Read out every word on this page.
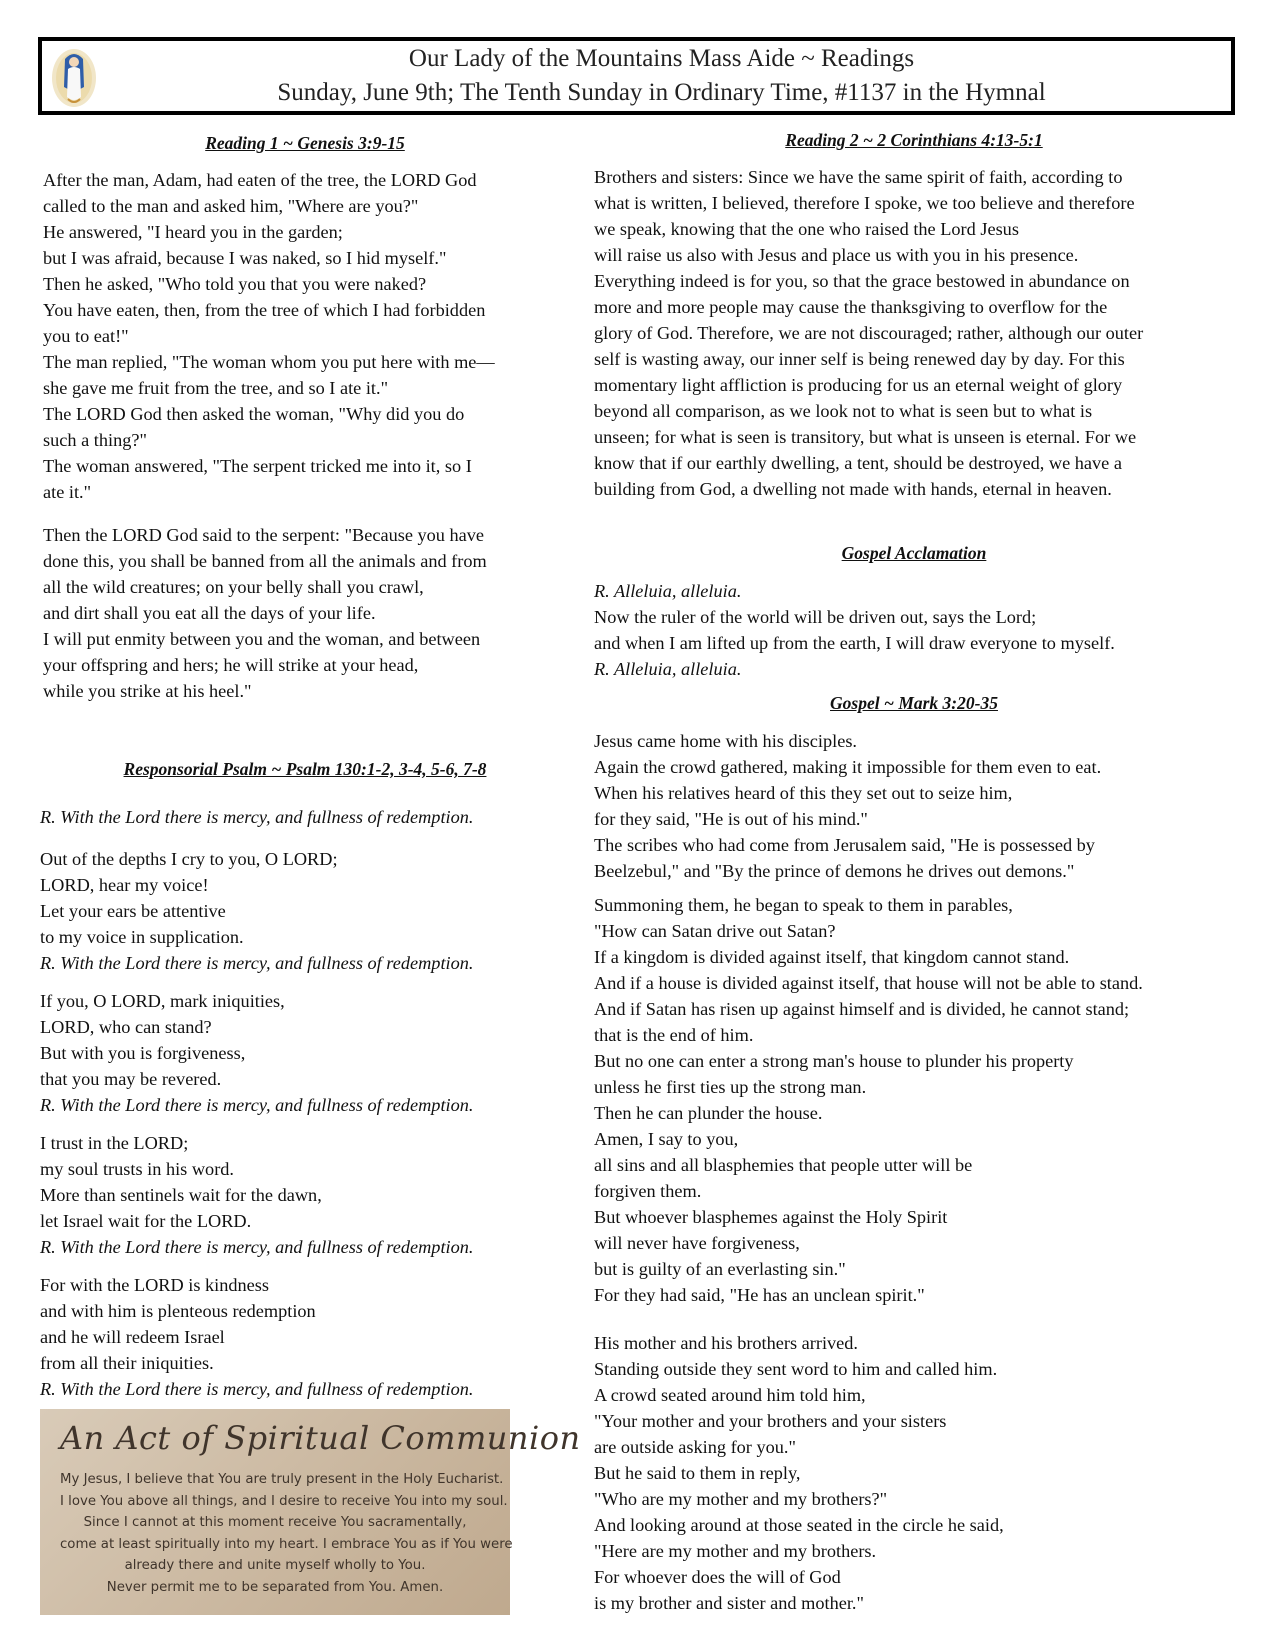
Our Lady of the Mountains Mass Aide ~ Readings
Sunday, June 9th; The Tenth Sunday in Ordinary Time, #1137 in the Hymnal
Reading 1 ~ Genesis 3:9-15
After the man, Adam, had eaten of the tree, the LORD God
called to the man and asked him, "Where are you?"
He answered, "I heard you in the garden;
but I was afraid, because I was naked, so I hid myself."
Then he asked, "Who told you that you were naked?
You have eaten, then, from the tree of which I had forbidden
you to eat!"
The man replied, "The woman whom you put here with me—
she gave me fruit from the tree, and so I ate it."
The LORD God then asked the woman, "Why did you do
such a thing?"
The woman answered, "The serpent tricked me into it, so I
ate it."
Then the LORD God said to the serpent: "Because you have
done this, you shall be banned from all the animals and from
all the wild creatures; on your belly shall you crawl,
and dirt shall you eat all the days of your life.
I will put enmity between you and the woman, and between
your offspring and hers; he will strike at your head,
while you strike at his heel."
Responsorial Psalm ~ Psalm 130:1-2, 3-4, 5-6, 7-8
R. With the Lord there is mercy, and fullness of redemption.
Out of the depths I cry to you, O LORD;
LORD, hear my voice!
Let your ears be attentive
to my voice in supplication.
R. With the Lord there is mercy, and fullness of redemption.
If you, O LORD, mark iniquities,
LORD, who can stand?
But with you is forgiveness,
that you may be revered.
R. With the Lord there is mercy, and fullness of redemption.
I trust in the LORD;
my soul trusts in his word.
More than sentinels wait for the dawn,
let Israel wait for the LORD.
R. With the Lord there is mercy, and fullness of redemption.
For with the LORD is kindness
and with him is plenteous redemption
and he will redeem Israel
from all their iniquities.
R. With the Lord there is mercy, and fullness of redemption.
An Act of Spiritual Communion
My Jesus, I believe that You are truly present in the Holy Eucharist.
I love You above all things, and I desire to receive You into my soul.
Since I cannot at this moment receive You sacramentally,
come at least spiritually into my heart. I embrace You as if You were
already there and unite myself wholly to You.
Never permit me to be separated from You. Amen.
Reading 2 ~ 2 Corinthians 4:13-5:1
Brothers and sisters: Since we have the same spirit of faith, according to
what is written, I believed, therefore I spoke, we too believe and therefore
we speak, knowing that the one who raised the Lord Jesus
will raise us also with Jesus and place us with you in his presence.
Everything indeed is for you, so that the grace bestowed in abundance on
more and more people may cause the thanksgiving to overflow for the
glory of God. Therefore, we are not discouraged; rather, although our outer
self is wasting away, our inner self is being renewed day by day. For this
momentary light affliction is producing for us an eternal weight of glory
beyond all comparison, as we look not to what is seen but to what is
unseen; for what is seen is transitory, but what is unseen is eternal. For we
know that if our earthly dwelling, a tent, should be destroyed, we have a
building from God, a dwelling not made with hands, eternal in heaven.
Gospel Acclamation
R. Alleluia, alleluia.
Now the ruler of the world will be driven out, says the Lord;
and when I am lifted up from the earth, I will draw everyone to myself.
R. Alleluia, alleluia.
Gospel ~ Mark 3:20-35
Jesus came home with his disciples.
Again the crowd gathered, making it impossible for them even to eat.
When his relatives heard of this they set out to seize him,
for they said, "He is out of his mind."
The scribes who had come from Jerusalem said, "He is possessed by
Beelzebul," and "By the prince of demons he drives out demons."
Summoning them, he began to speak to them in parables,
"How can Satan drive out Satan?
If a kingdom is divided against itself, that kingdom cannot stand.
And if a house is divided against itself, that house will not be able to stand.
And if Satan has risen up against himself and is divided, he cannot stand;
that is the end of him.
But no one can enter a strong man's house to plunder his property
unless he first ties up the strong man.
Then he can plunder the house.
Amen, I say to you,
all sins and all blasphemies that people utter will be
forgiven them.
But whoever blasphemes against the Holy Spirit
will never have forgiveness,
but is guilty of an everlasting sin."
For they had said, "He has an unclean spirit."
His mother and his brothers arrived.
Standing outside they sent word to him and called him.
A crowd seated around him told him,
"Your mother and your brothers and your sisters
are outside asking for you."
But he said to them in reply,
"Who are my mother and my brothers?"
And looking around at those seated in the circle he said,
"Here are my mother and my brothers.
For whoever does the will of God
is my brother and sister and mother."
